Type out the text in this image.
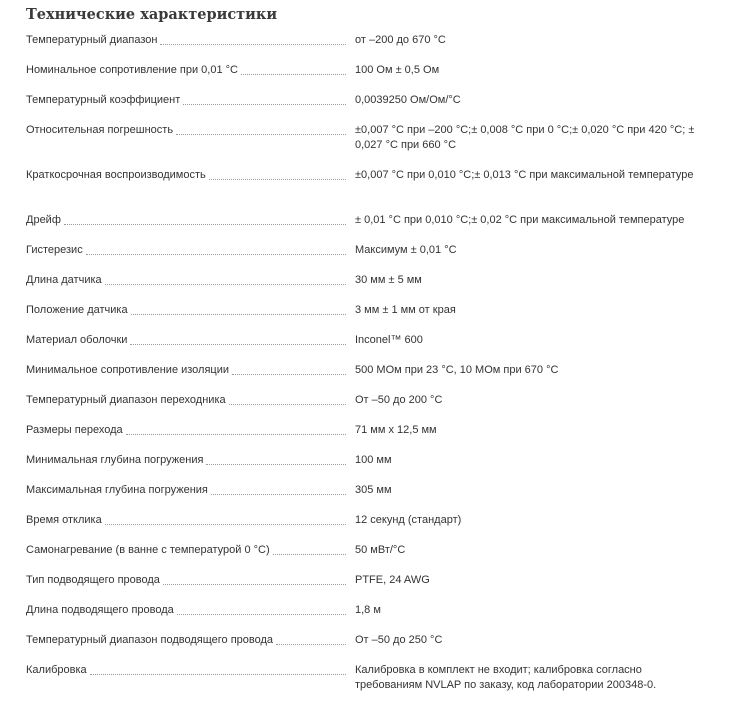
Технические характеристики
Температурный диапазон	от –200 до 670 °C
Номинальное сопротивление при 0,01 °C	100 Ом ± 0,5 Ом
Температурный коэффициент	0,0039250 Ом/Ом/°C
Относительная погрешность	±0,007 °C при –200 °C;± 0,008 °C при 0 °C;± 0,020 °C при 420 °C; ± 0,027 °C при 660 °C
Краткосрочная воспроизводимость	±0,007 °C при 0,010 °C;± 0,013 °C при максимальной температуре
Дрейф	± 0,01 °C при 0,010 °C;± 0,02 °C при максимальной температуре
Гистерезис	Максимум ± 0,01 °C
Длина датчика	30 мм ± 5 мм
Положение датчика	3 мм ± 1 мм от края
Материал оболочки	Inconel™ 600
Минимальное сопротивление изоляции	500 МОм при 23 °C, 10 МОм при 670 °C
Температурный диапазон переходника	От –50 до 200 °C
Размеры перехода	71 мм x 12,5 мм
Минимальная глубина погружения	100 мм
Максимальная глубина погружения	305 мм
Время отклика	12 секунд (стандарт)
Самонагревание (в ванне с температурой 0 °C)	50 мВт/°C
Тип подводящего провода	PTFE, 24 AWG
Длина подводящего провода	1,8 м
Температурный диапазон подводящего провода	От –50 до 250 °C
Калибровка	Калибровка в комплект не входит; калибровка согласно требованиям NVLAP по заказу, код лаборатории 200348-0.
